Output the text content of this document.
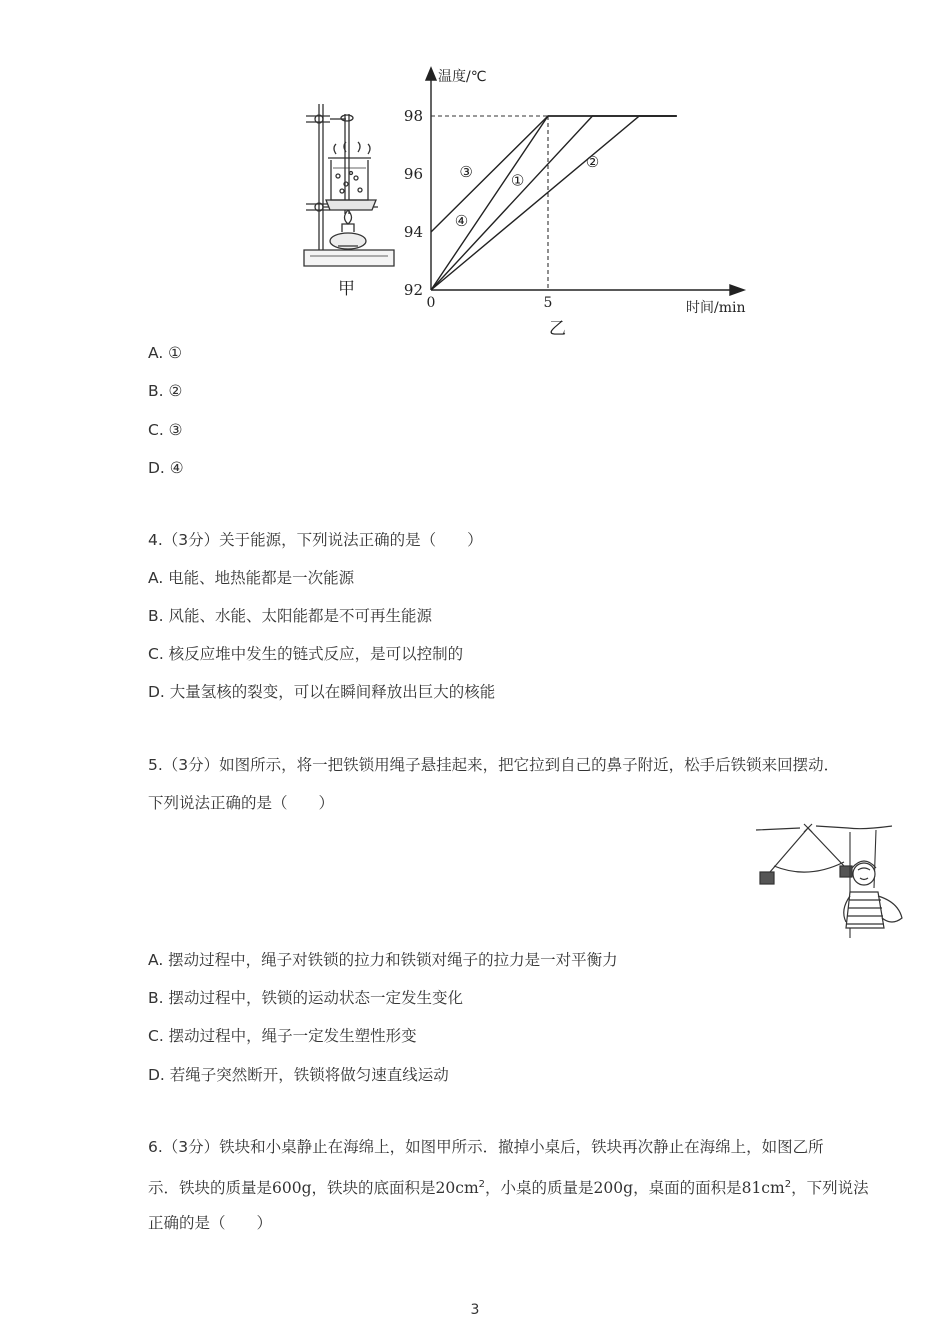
甲	92
94
96
98
0	5
①
②
③
④
温度/℃
时间/min
乙
A. ①
B. ②
C. ③
D. ④
4.（3分）关于能源，下列说法正确的是（　　）
A. 电能、地热能都是一次能源
B. 风能、水能、太阳能都是不可再生能源
C. 核反应堆中发生的链式反应，是可以控制的
D. 大量氢核的裂变，可以在瞬间释放出巨大的核能
5.（3分）如图所示，将一把铁锁用绳子悬挂起来，把它拉到自己的鼻子附近，松手后铁锁来回摆动．
下列说法正确的是（　　）
A. 摆动过程中，绳子对铁锁的拉力和铁锁对绳子的拉力是一对平衡力
B. 摆动过程中，铁锁的运动状态一定发生变化
C. 摆动过程中，绳子一定发生塑性形变
D. 若绳子突然断开，铁锁将做匀速直线运动
6.（3分）铁块和小桌静止在海绵上，如图甲所示．撤掉小桌后，铁块再次静止在海绵上，如图乙所
示．铁块的质量是600g，铁块的底面积是$20cm^2$，小桌的质量是200g，桌面的面积是$81cm^2$，下列说法
正确的是（　　）
3
